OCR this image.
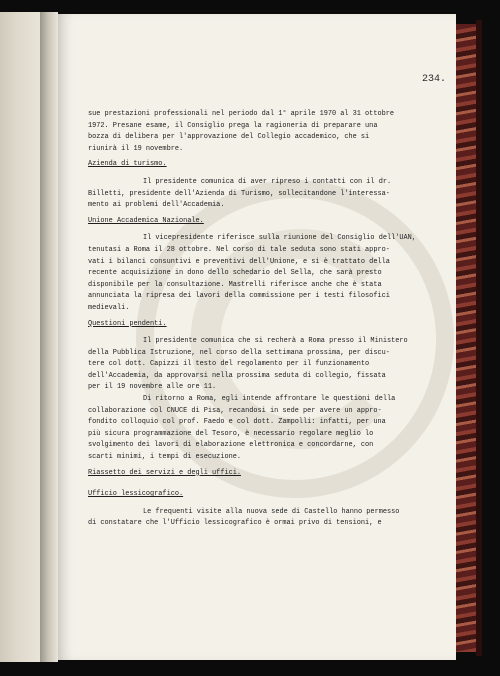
234.
sue prestazioni professionali nel periodo dal 1° aprile 1970 al 31 ottobre
1972. Presane esame, il Consiglio prega la ragioneria di preparare una
bozza di delibera per l'approvazione del Collegio accademico, che si
riunirà il 19 novembre.
Azienda di turismo.
Il presidente comunica di aver ripreso i contatti con il dr.
Billetti, presidente dell'Azienda di Turismo, sollecitandone l'interessa-
mento ai problemi dell'Accademia.
Unione Accademica Nazionale.
Il vicepresidente riferisce sulla riunione del Consiglio dell'UAN,
tenutasi a Roma il 28 ottobre. Nel corso di tale seduta sono stati appro-
vati i bilanci consuntivi e preventivi dell'Unione, e si è trattato della
recente acquisizione in dono dello schedario del Sella, che sarà presto
disponibile per la consultazione. Mastrelli riferisce anche che è stata
annunciata la ripresa dei lavori della commissione per i testi filosofici
medievali.
Questioni pendenti.
Il presidente comunica che si recherà a Roma presso il Ministero
della Pubblica Istruzione, nel corso della settimana prossima, per discu-
tere col dott. Capizzi il testo del regolamento per il funzionamento
dell'Accademia, da approvarsi nella prossima seduta di collegio, fissata
per il 19 novembre alle ore 11.
Di ritorno a Roma, egli intende affrontare le questioni della
collaborazione col CNUCE di Pisa, recandosi in sede per avere un appro-
fondito colloquio col prof. Faedo e col dott. Zampolli: infatti, per una
più sicura programmazione del Tesoro, è necessario regolare meglio lo
svolgimento dei lavori di elaborazione elettronica e concordarne, con
scarti minimi, i tempi di esecuzione.
Riassetto dei servizi e degli uffici.
Ufficio lessicografico.
Le frequenti visite alla nuova sede di Castello hanno permesso
di constatare che l'Ufficio lessicografico è ormai privo di tensioni, e
